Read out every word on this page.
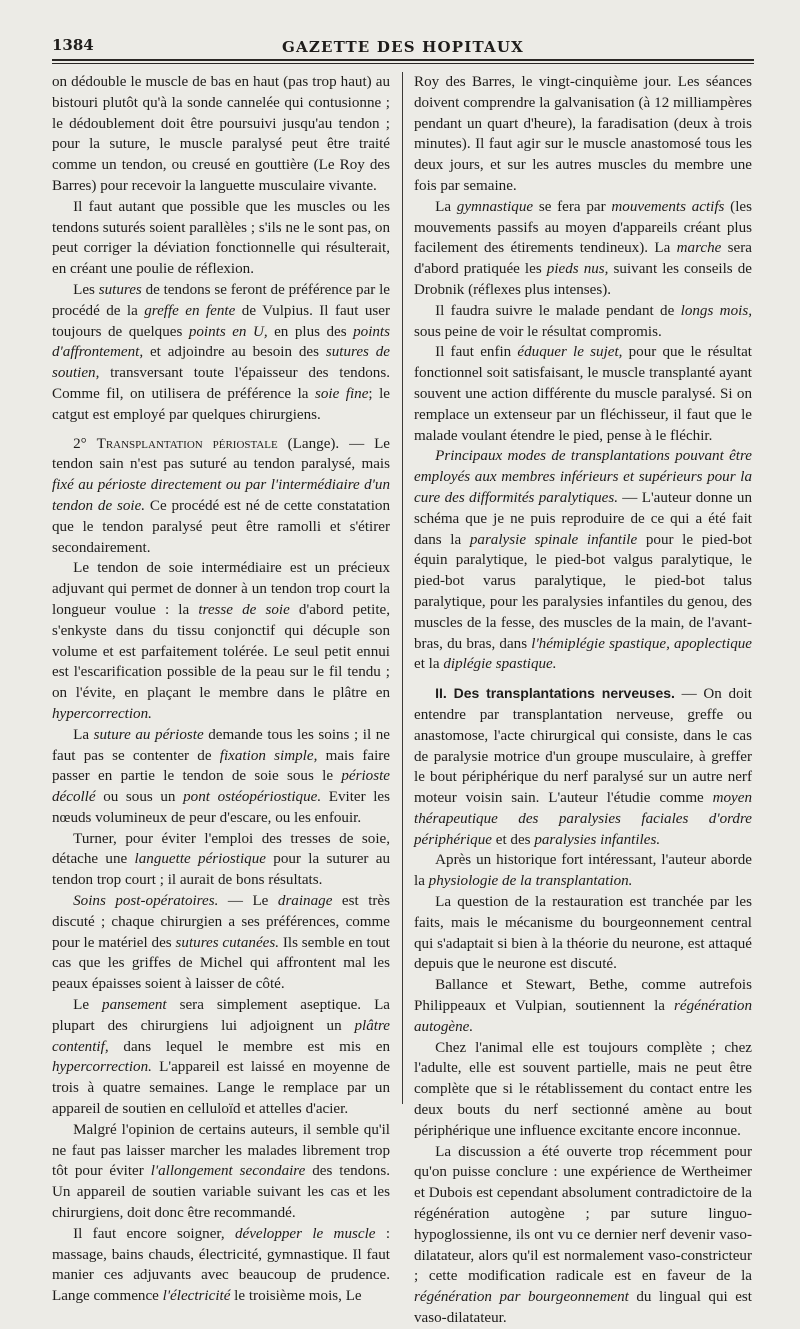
1384	GAZETTE DES HOPITAUX

on dédouble le muscle de bas en haut (pas trop haut) au bistouri plutôt qu'à la sonde cannelée qui contusionne ; le dédoublement doit être poursuivi jusqu'au tendon ; pour la suture, le muscle paralysé peut être traité comme un tendon, ou creusé en gouttière (Le Roy des Barres) pour recevoir la languette musculaire vivante.

Il faut autant que possible que les muscles ou les tendons suturés soient parallèles ; s'ils ne le sont pas, on peut corriger la déviation fonctionnelle qui résulterait, en créant une poulie de réflexion.

Les sutures de tendons se feront de préférence par le procédé de la greffe en fente de Vulpius. Il faut user toujours de quelques points en U, en plus des points d'affrontement, et adjoindre au besoin des sutures de soutien, transversant toute l'épaisseur des tendons. Comme fil, on utilisera de préférence la soie fine; le catgut est employé par quelques chirurgiens.

2° Transplantation périostale (Lange). — Le tendon sain n'est pas suturé au tendon paralysé, mais fixé au périoste directement ou par l'intermédiaire d'un tendon de soie. Ce procédé est né de cette constatation que le tendon paralysé peut être ramolli et s'étirer secondairement.

Le tendon de soie intermédiaire est un précieux adjuvant qui permet de donner à un tendon trop court la longueur voulue : la tresse de soie d'abord petite, s'enkyste dans du tissu conjonctif qui décuple son volume et est parfaitement tolérée. Le seul petit ennui est l'escarification possible de la peau sur le fil tendu ; on l'évite, en plaçant le membre dans le plâtre en hypercorrection.

La suture au périoste demande tous les soins ; il ne faut pas se contenter de fixation simple, mais faire passer en partie le tendon de soie sous le périoste décollé ou sous un pont ostéopériostique. Eviter les nœuds volumineux de peur d'escare, ou les enfouir.

Turner, pour éviter l'emploi des tresses de soie, détache une languette périostique pour la suturer au tendon trop court ; il aurait de bons résultats.

Soins post-opératoires. — Le drainage est très discuté ; chaque chirurgien a ses préférences, comme pour le matériel des sutures cutanées. Ils semble en tout cas que les griffes de Michel qui affrontent mal les peaux épaisses soient à laisser de côté.

Le pansement sera simplement aseptique. La plupart des chirurgiens lui adjoignent un plâtre contentif, dans lequel le membre est mis en hypercorrection. L'appareil est laissé en moyenne de trois à quatre semaines. Lange le remplace par un appareil de soutien en celluloïd et attelles d'acier.

Malgré l'opinion de certains auteurs, il semble qu'il ne faut pas laisser marcher les malades librement trop tôt pour éviter l'allongement secondaire des tendons. Un appareil de soutien variable suivant les cas et les chirurgiens, doit donc être recommandé.

Il faut encore soigner, développer le muscle : massage, bains chauds, électricité, gymnastique. Il faut manier ces adjuvants avec beaucoup de prudence. Lange commence l'électricité le troisième mois, Le

Roy des Barres, le vingt-cinquième jour. Les séances doivent comprendre la galvanisation (à 12 milliampères pendant un quart d'heure), la faradisation (deux à trois minutes). Il faut agir sur le muscle anastomosé tous les deux jours, et sur les autres muscles du membre une fois par semaine.

La gymnastique se fera par mouvements actifs (les mouvements passifs au moyen d'appareils créant plus facilement des étirements tendineux). La marche sera d'abord pratiquée les pieds nus, suivant les conseils de Drobnik (réflexes plus intenses).

Il faudra suivre le malade pendant de longs mois, sous peine de voir le résultat compromis.

Il faut enfin éduquer le sujet, pour que le résultat fonctionnel soit satisfaisant, le muscle transplanté ayant souvent une action différente du muscle paralysé. Si on remplace un extenseur par un fléchisseur, il faut que le malade voulant étendre le pied, pense à le fléchir.

Principaux modes de transplantations pouvant être employés aux membres inférieurs et supérieurs pour la cure des difformités paralytiques. — L'auteur donne un schéma que je ne puis reproduire de ce qui a été fait dans la paralysie spinale infantile pour le pied-bot équin paralytique, le pied-bot valgus paralytique, le pied-bot varus paralytique, le pied-bot talus paralytique, pour les paralysies infantiles du genou, des muscles de la fesse, des muscles de la main, de l'avant-bras, du bras, dans l'hémiplégie spastique, apoplectique et la diplégie spastique.

II. Des transplantations nerveuses. — On doit entendre par transplantation nerveuse, greffe ou anastomose, l'acte chirurgical qui consiste, dans le cas de paralysie motrice d'un groupe musculaire, à greffer le bout périphérique du nerf paralysé sur un autre nerf moteur voisin sain. L'auteur l'étudie comme moyen thérapeutique des paralysies faciales d'ordre périphérique et des paralysies infantiles.

Après un historique fort intéressant, l'auteur aborde la physiologie de la transplantation.

La question de la restauration est tranchée par les faits, mais le mécanisme du bourgeonnement central qui s'adaptait si bien à la théorie du neurone, est attaqué depuis que le neurone est discuté.

Ballance et Stewart, Bethe, comme autrefois Philippeaux et Vulpian, soutiennent la régénération autogène.

Chez l'animal elle est toujours complète ; chez l'adulte, elle est souvent partielle, mais ne peut être complète que si le rétablissement du contact entre les deux bouts du nerf sectionné amène au bout périphérique une influence excitante encore inconnue.

La discussion a été ouverte trop récemment pour qu'on puisse conclure : une expérience de Wertheimer et Dubois est cependant absolument contradictoire de la régénération autogène ; par suture linguo-hypoglossienne, ils ont vu ce dernier nerf devenir vaso-dilatateur, alors qu'il est normalement vaso-constricteur ; cette modification radicale est en faveur de la régénération par bourgeonnement du lingual qui est vaso-dilatateur.
